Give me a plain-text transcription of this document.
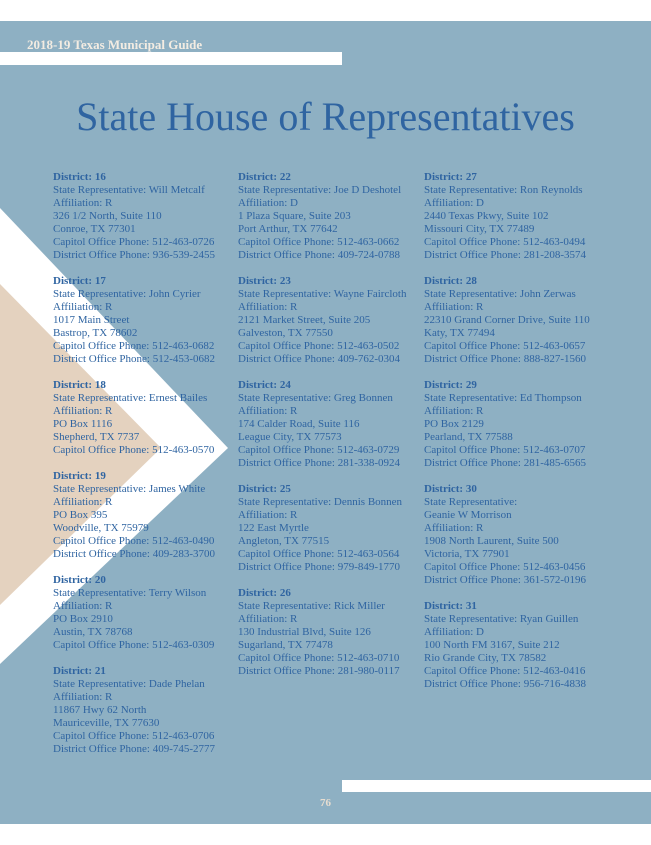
2018-19 Texas Municipal Guide
State House of Representatives
District: 16
State Representative: Will Metcalf
Affiliation: R
326 1/2 North, Suite 110
Conroe, TX 77301
Capitol Office Phone: 512-463-0726
District Office Phone: 936-539-2455
District: 17
State Representative: John Cyrier
Affiliation: R
1017 Main Street
Bastrop, TX 78602
Capitol Office Phone: 512-463-0682
District Office Phone: 512-453-0682
District: 18
State Representative: Ernest Bailes
Affiliation: R
PO Box 1116
Shepherd, TX 7737
Capitol Office Phone: 512-463-0570
District: 19
State Representative: James White
Affiliation: R
PO Box 395
Woodville, TX 75979
Capitol Office Phone: 512-463-0490
District Office Phone: 409-283-3700
District: 20
State Representative: Terry Wilson
Affiliation: R
PO Box 2910
Austin, TX 78768
Capitol Office Phone: 512-463-0309
District: 21
State Representative: Dade Phelan
Affiliation: R
11867 Hwy 62 North
Mauriceville, TX 77630
Capitol Office Phone: 512-463-0706
District Office Phone: 409-745-2777
District: 22
State Representative: Joe D Deshotel
Affiliation: D
1 Plaza Square, Suite 203
Port Arthur, TX 77642
Capitol Office Phone: 512-463-0662
District Office Phone: 409-724-0788
District: 23
State Representative: Wayne Faircloth
Affiliation: R
2121 Market Street, Suite 205
Galveston, TX 77550
Capitol Office Phone: 512-463-0502
District Office Phone: 409-762-0304
District: 24
State Representative: Greg Bonnen
Affiliation: R
174 Calder Road, Suite 116
League City, TX 77573
Capitol Office Phone: 512-463-0729
District Office Phone: 281-338-0924
District: 25
State Representative: Dennis Bonnen
Affiliation: R
122 East Myrtle
Angleton, TX 77515
Capitol Office Phone: 512-463-0564
District Office Phone: 979-849-1770
District: 26
State Representative: Rick Miller
Affiliation: R
130 Industrial Blvd, Suite 126
Sugarland, TX 77478
Capitol Office Phone: 512-463-0710
District Office Phone: 281-980-0117
District: 27
State Representative: Ron Reynolds
Affiliation: D
2440 Texas Pkwy, Suite 102
Missouri City, TX 77489
Capitol Office Phone: 512-463-0494
District Office Phone: 281-208-3574
District: 28
State Representative: John Zerwas
Affiliation: R
22310 Grand Corner Drive, Suite 110
Katy, TX 77494
Capitol Office Phone: 512-463-0657
District Office Phone: 888-827-1560
District: 29
State Representative: Ed Thompson
Affiliation: R
PO Box 2129
Pearland, TX 77588
Capitol Office Phone: 512-463-0707
District Office Phone: 281-485-6565
District: 30
State Representative:
Geanie W Morrison
Affiliation: R
1908 North Laurent, Suite 500
Victoria, TX 77901
Capitol Office Phone: 512-463-0456
District Office Phone: 361-572-0196
District: 31
State Representative: Ryan Guillen
Affiliation: D
100 North FM 3167, Suite 212
Rio Grande City, TX 78582
Capitol Office Phone: 512-463-0416
District Office Phone: 956-716-4838
76
